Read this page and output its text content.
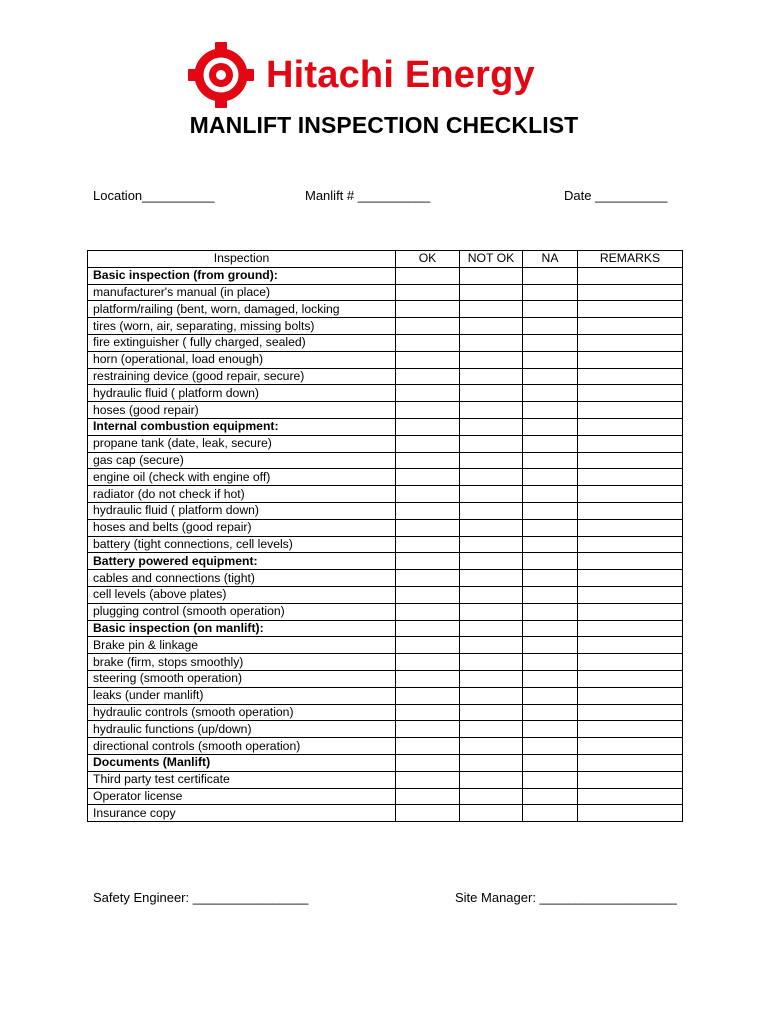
Hitachi Energy
MANLIFT INSPECTION CHECKLIST
Location__________	Manlift # __________	Date __________
Inspection	OK	NOT OK	NA	REMARKS
Basic inspection (from ground):				
manufacturer's manual (in place)				
platform/railing (bent, worn, damaged, locking				
tires (worn, air, separating, missing bolts)				
fire extinguisher ( fully charged, sealed)				
horn (operational, load enough)				
restraining device (good repair, secure)				
hydraulic fluid ( platform down)				
hoses (good repair)				
Internal combustion equipment:				
propane tank (date, leak, secure)				
gas cap (secure)				
engine oil (check with engine off)				
radiator (do not check if hot)				
hydraulic fluid ( platform down)				
hoses and belts (good repair)				
battery (tight connections, cell levels)				
Battery powered equipment:				
cables and connections (tight)				
cell levels (above plates)				
plugging control (smooth operation)				
Basic inspection (on manlift):				
Brake pin & linkage				
brake (firm, stops smoothly)				
steering (smooth operation)				
leaks (under manlift)				
hydraulic controls (smooth operation)				
hydraulic functions (up/down)				
directional controls (smooth operation)				
Documents (Manlift)				
Third party test certificate				
Operator license				
Insurance copy				
Safety Engineer: ________________	Site Manager: ___________________
